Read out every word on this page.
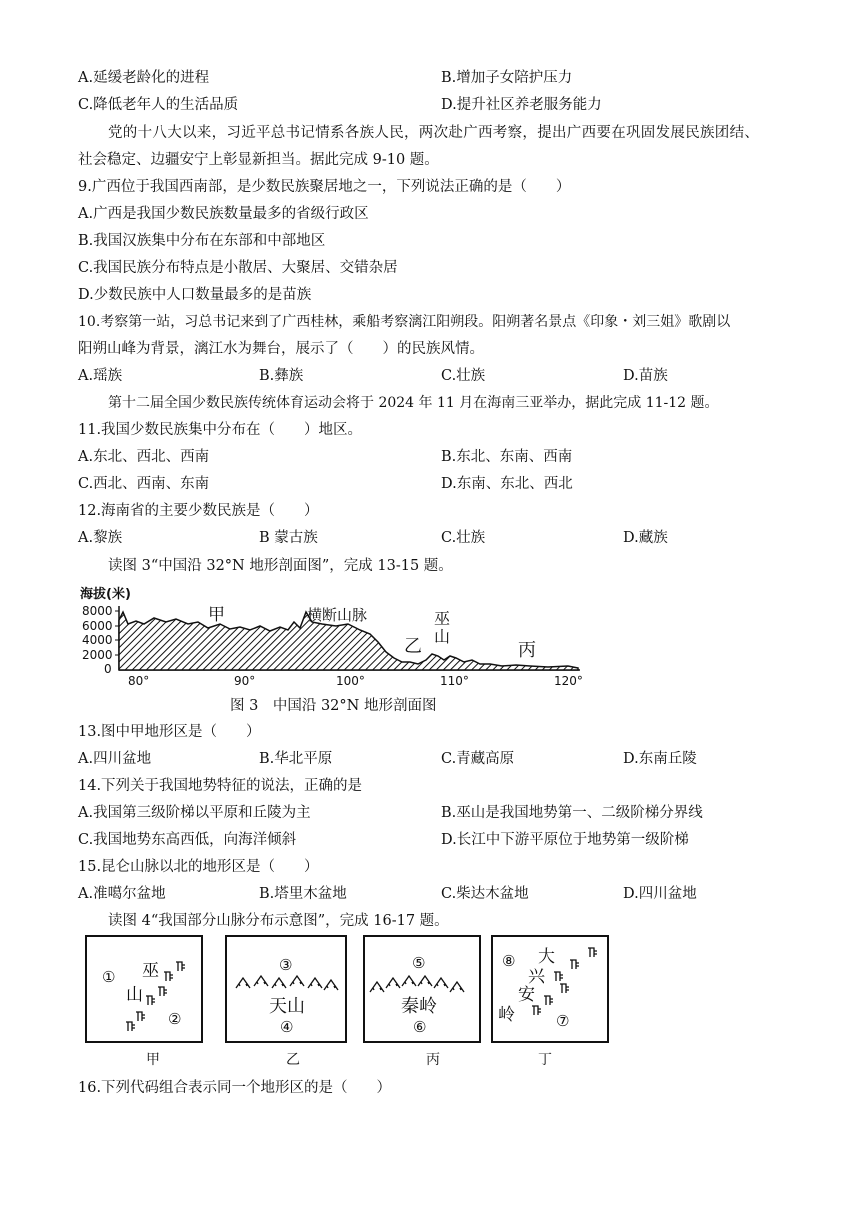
A.延缓老龄化的进程	B.增加子女陪护压力
C.降低老年人的生活品质	D.提升社区养老服务能力
党的十八大以来，习近平总书记情系各族人民，两次赴广西考察，提出广西要在巩固发展民族团结、
社会稳定、边疆安宁上彰显新担当。据此完成 9-10 题。
9.广西位于我国西南部，是少数民族聚居地之一，下列说法正确的是（　　）
A.广西是我国少数民族数量最多的省级行政区
B.我国汉族集中分布在东部和中部地区
C.我国民族分布特点是小散居、大聚居、交错杂居
D.少数民族中人口数量最多的是苗族
10.考察第一站，习总书记来到了广西桂林，乘船考察漓江阳朔段。阳朔著名景点《印象・刘三姐》歌剧以
阳朔山峰为背景，漓江水为舞台，展示了（　　）的民族风情。
A.瑶族	B.彝族	C.壮族	D.苗族
第十二届全国少数民族传统体育运动会将于 2024 年 11 月在海南三亚举办，据此完成 11-12 题。
11.我国少数民族集中分布在（　　）地区。
A.东北、西北、西南	B.东北、东南、西南
C.西北、西南、东南	D.东南、东北、西北
12.海南省的主要少数民族是（　　）
A.黎族	B 蒙古族	C.壮族	D.藏族
读图 3“中国沿 32°N 地形剖面图”，完成 13-15 题。
海拔(米)
8000
6000
4000
2000
0
甲	横断山脉
乙
巫
山
丙
80°	90°	100°	110°	120°
图 3　中国沿 32°N 地形剖面图
13.图中甲地形区是（　　）
A.四川盆地	B.华北平原	C.青藏高原	D.东南丘陵
14.下列关于我国地势特征的说法，正确的是
A.我国第三级阶梯以平原和丘陵为主	B.巫山是我国地势第一、二级阶梯分界线
C.我国地势东高西低，向海洋倾斜	D.长江中下游平原位于地势第一级阶梯
15.昆仑山脉以北的地形区是（　　）
A.准噶尔盆地	B.塔里木盆地	C.柴达木盆地	D.四川盆地
读图 4“我国部分山脉分布示意图”，完成 16-17 题。
① 巫
山
②
甲
③
天山
④
乙
⑤
秦岭
⑥
丙
⑧ 大
兴
安
岭	⑦
丁
16.下列代码组合表示同一个地形区的是（　　）
